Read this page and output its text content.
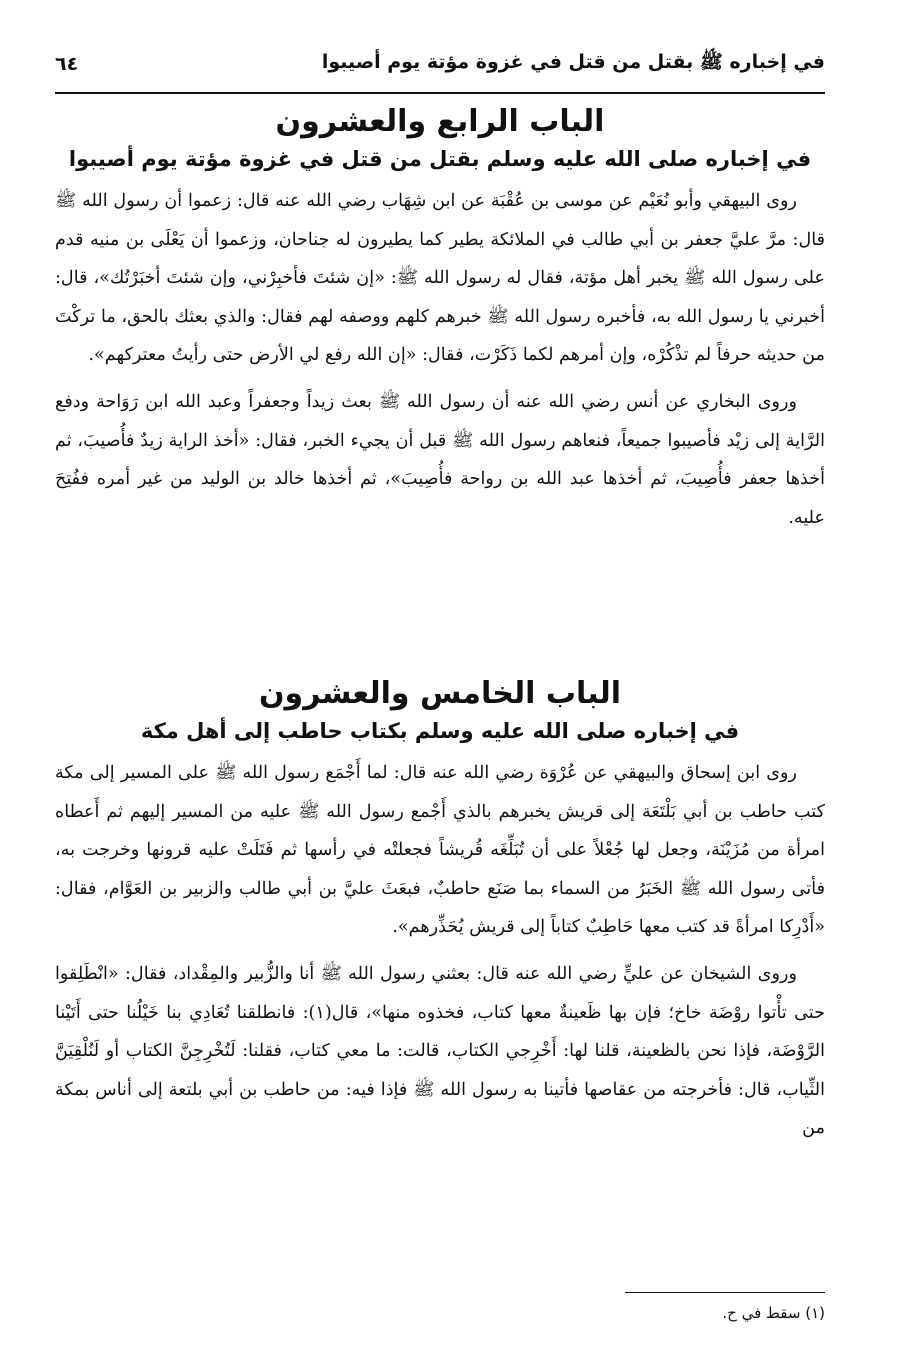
في إخباره ﷺ بقتل من قتل في غزوة مؤتة يوم أصيبوا
٦٤
الباب الرابع والعشرون
في إخباره صلى الله عليه وسلم بقتل من قتل في غزوة مؤتة يوم أصيبوا

روى البيهقي وأبو نُعَيْم عن موسى بن عُقْبَة عن ابن شِهَاب رضي الله عنه قال: زعموا أن رسول الله ﷺ قال: مرَّ عليَّ جعفر بن أبي طالب في الملائكة يطير كما يطيرون له جناحان، وزعموا أن يَعْلَى بن منيه قدم على رسول الله ﷺ يخبر أهل مؤتة، فقال له رسول الله ﷺ: «إن شئتَ فأخبِرْني، وإن شئتَ أخبَرْتُك»، قال: أخبرني يا رسول الله به، فأخبره رسول الله ﷺ خبرهم كلهم ووصفه لهم فقال: والذي بعثك بالحق، ما تركْتَ من حديثه حرفاً لم تذْكُرْه، وإن أمرهم لكما ذَكَرْت، فقال: «إن الله رفع لي الأرض حتى رأيتُ معتركهم».

وروى البخاري عن أنس رضي الله عنه أن رسول الله ﷺ بعث زيداً وجعفراً وعبد الله ابن رَوَاحة ودفع الرَّاية إلى زيْد فأصيبوا جميعاً، فنعاهم رسول الله ﷺ قبل أن يجيء الخبر، فقال: «أخذ الراية زيدٌ فأُصيبَ، ثم أخذها جعفر فأُصِيبَ، ثم أخذها عبد الله بن رواحة فأُصِيبَ»، ثم أخذها خالد بن الوليد من غير أمره ففُتِحَ عليه.

الباب الخامس والعشرون
في إخباره صلى الله عليه وسلم بكتاب حاطب إلى أهل مكة

روى ابن إسحاق والبيهقي عن عُرْوَة رضي الله عنه قال: لما أَجْمَع رسول الله ﷺ على المسير إلى مكة كتب حاطب بن أبي بَلْتَعَة إلى قريش يخبرهم بالذي أَجْمع رسول الله ﷺ عليه من المسير إليهم ثم أَعطاه امرأة من مُزَيْنَة، وجعل لها جُعْلاً على أن تُبَلِّغَه قُريشاً فجعلتْه في رأسها ثم فَتَلَتْ عليه قرونها وخرجت به، فأتى رسول الله ﷺ الخَبَرُ من السماء بما صَنَع حاطبٌ، فبعَثَ عليَّ بن أبي طالب والزبير بن العَوَّام، فقال: «أَدْرِكا امرأةً قد كتب معها حَاطِبٌ كتاباً إلى قريش يُحَذِّرهم».

وروى الشيخان عن عليٍّ رضي الله عنه قال: بعثني رسول الله ﷺ أنا والزُّبير والمِقْداد، فقال: «انْطَلِقوا حتى تأْتوا روْضَة خاخ؛ فإن بها ظَعينةٌ معها كتاب، فخذوه منها»، قال(١): فانطلقنا تُعَادِي بنا خَيْلُنا حتى أَتَيْنا الرَّوْضَة، فإذا نحن بالظعينة، قلنا لها: أَخْرِجي الكتاب، قالت: ما معي كتاب، فقلنا: لَتُخْرِجِنَّ الكتاب أو لَنُلْقِيَنَّ الثِّياب، قال: فأخرجته من عقاصها فأتينا به رسول الله ﷺ فإذا فيه: من حاطب بن أبي بلتعة إلى أناس بمكة من

(١) سقط في ح.
